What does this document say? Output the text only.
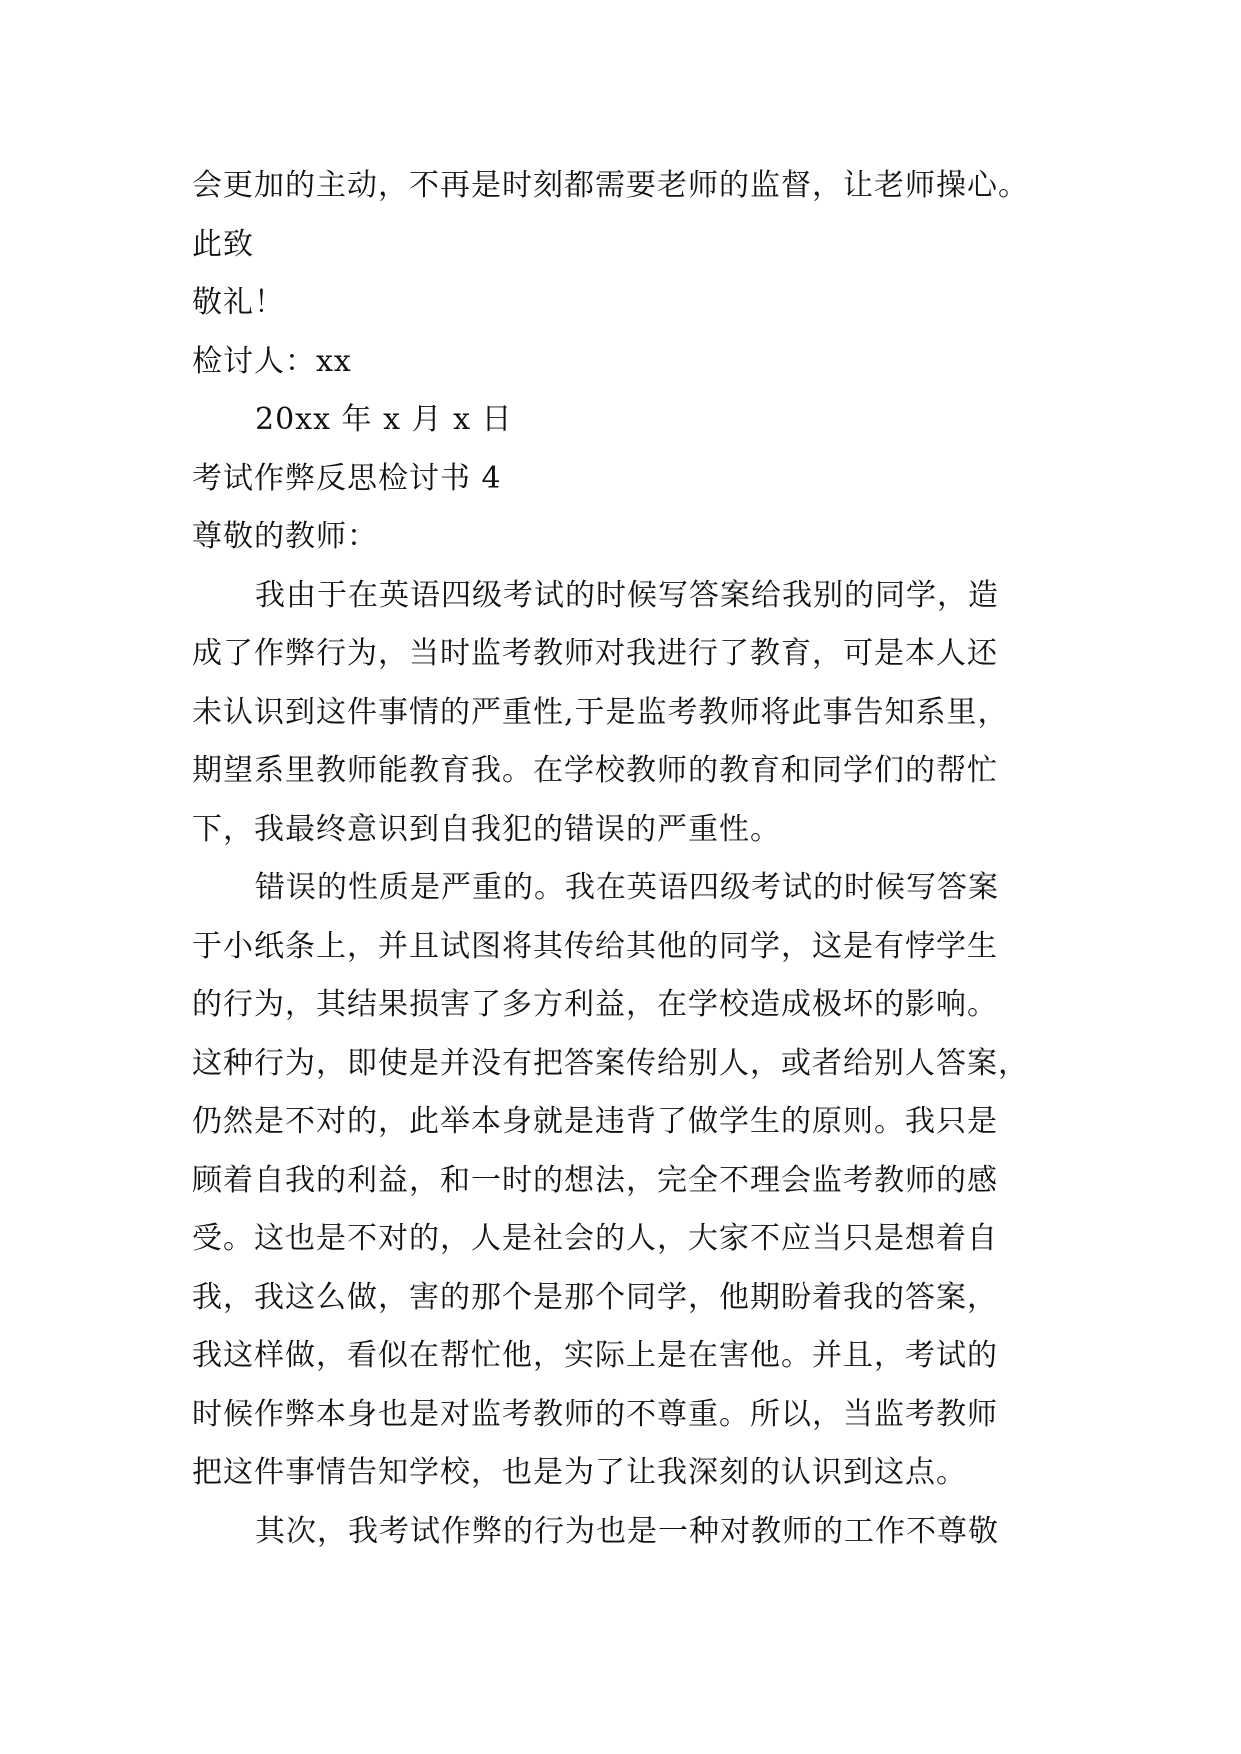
会更加的主动，不再是时刻都需要老师的监督，让老师操心。
此致
敬礼！
检讨人：xx
20xx 年 x 月 x 日
考试作弊反思检讨书 4
尊敬的教师：
我由于在英语四级考试的时候写答案给我别的同学，造
成了作弊行为，当时监考教师对我进行了教育，可是本人还
未认识到这件事情的严重性,于是监考教师将此事告知系里，
期望系里教师能教育我。在学校教师的教育和同学们的帮忙
下，我最终意识到自我犯的错误的严重性。
错误的性质是严重的。我在英语四级考试的时候写答案
于小纸条上，并且试图将其传给其他的同学，这是有悖学生
的行为，其结果损害了多方利益，在学校造成极坏的影响。
这种行为，即使是并没有把答案传给别人，或者给别人答案，
仍然是不对的，此举本身就是违背了做学生的原则。我只是
顾着自我的利益，和一时的想法，完全不理会监考教师的感
受。这也是不对的，人是社会的人，大家不应当只是想着自
我，我这么做，害的那个是那个同学，他期盼着我的答案，
我这样做，看似在帮忙他，实际上是在害他。并且，考试的
时候作弊本身也是对监考教师的不尊重。所以，当监考教师
把这件事情告知学校，也是为了让我深刻的认识到这点。
其次，我考试作弊的行为也是一种对教师的工作不尊敬
